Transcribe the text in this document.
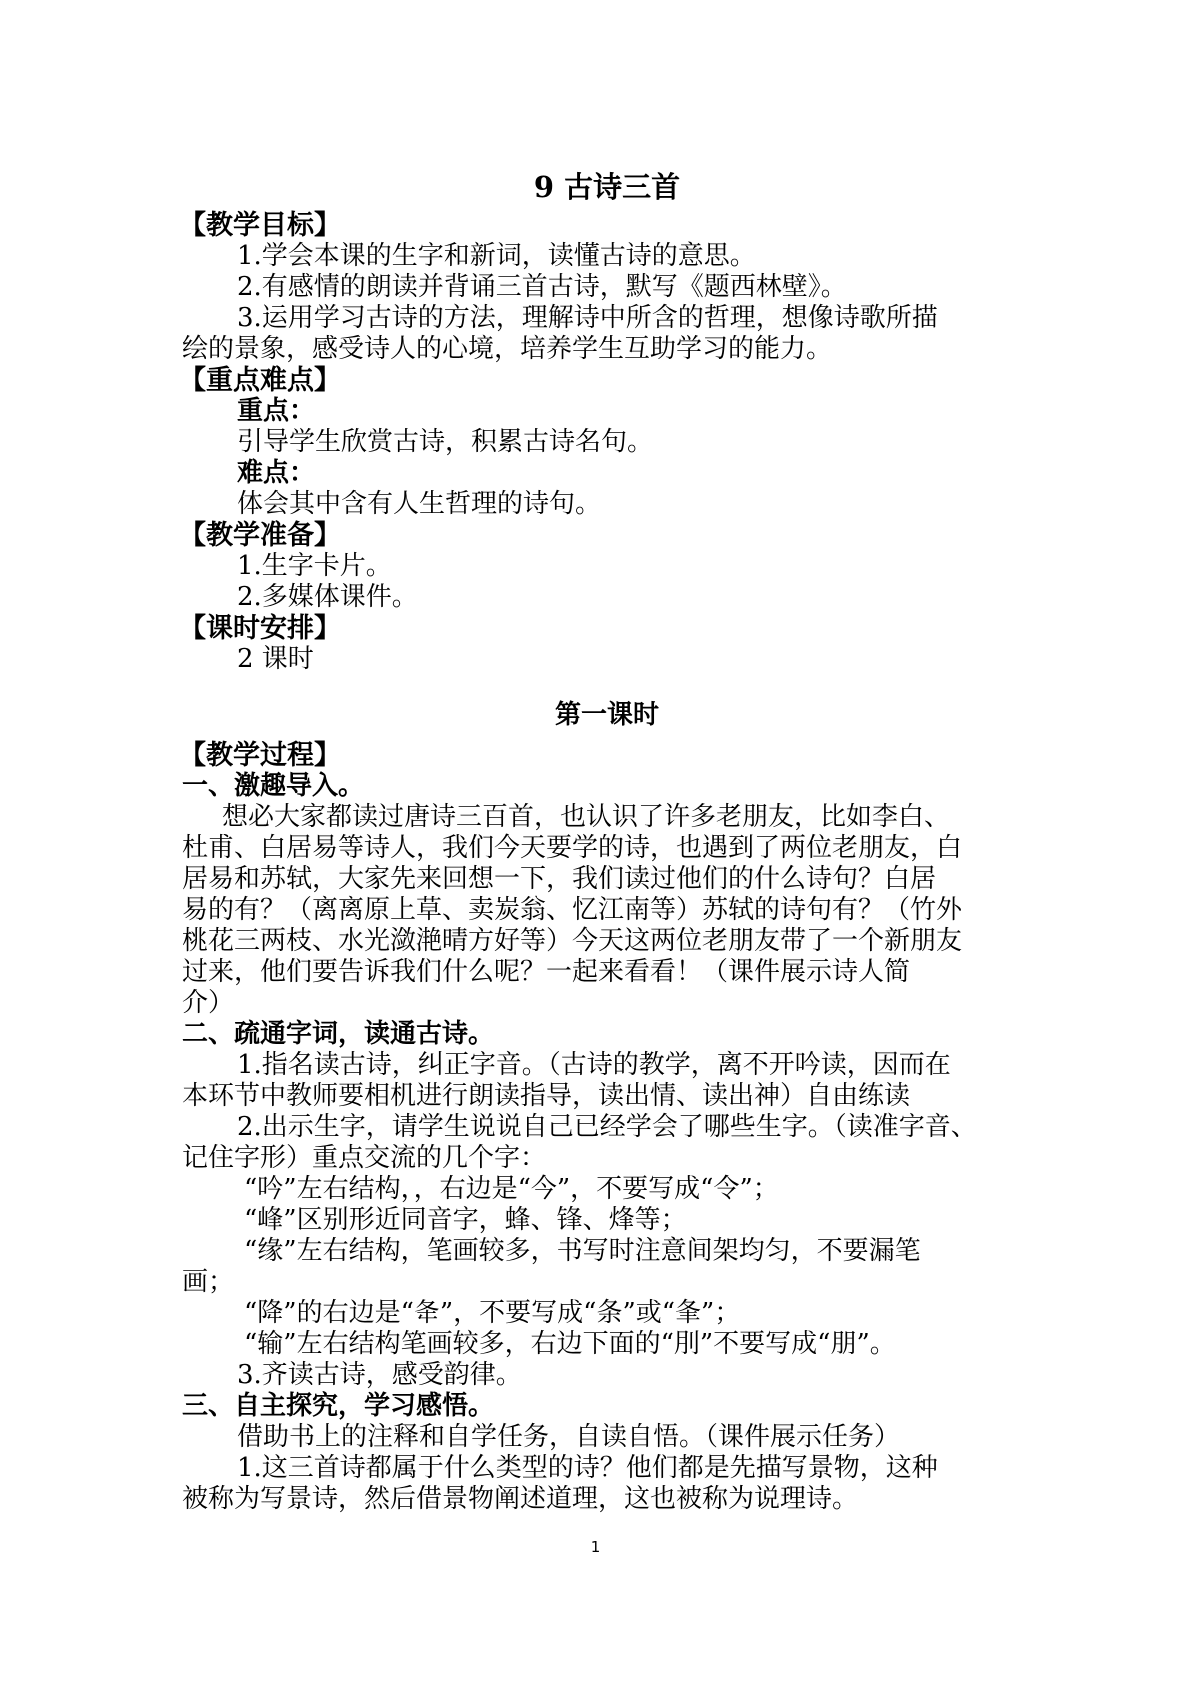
9 古诗三首
【教学目标】
1.学会本课的生字和新词，读懂古诗的意思。
2.有感情的朗读并背诵三首古诗，默写《题西林壁》。
3.运用学习古诗的方法，理解诗中所含的哲理，想像诗歌所描
绘的景象，感受诗人的心境，培养学生互助学习的能力。
【重点难点】
重点：
引导学生欣赏古诗，积累古诗名句。
难点：
体会其中含有人生哲理的诗句。
【教学准备】
1.生字卡片。
2.多媒体课件。
【课时安排】
2 课时
第一课时
【教学过程】
一、激趣导入。
想必大家都读过唐诗三百首，也认识了许多老朋友，比如李白、
杜甫、白居易等诗人，我们今天要学的诗，也遇到了两位老朋友，白
居易和苏轼，大家先来回想一下，我们读过他们的什么诗句？白居
易的有？（离离原上草、卖炭翁、忆江南等）苏轼的诗句有？（竹外
桃花三两枝、水光潋滟晴方好等）今天这两位老朋友带了一个新朋友
过来，他们要告诉我们什么呢？一起来看看！（课件展示诗人简
介）
二、疏通字词，读通古诗。
1.指名读古诗，纠正字音。（古诗的教学，离不开吟读，因而在
本环节中教师要相机进行朗读指导，读出情、读出神）自由练读
2.出示生字，请学生说说自己已经学会了哪些生字。（读准字音、
记住字形）重点交流的几个字：
“吟”左右结构，，右边是“今”，不要写成“令”；
“峰”区别形近同音字，蜂、锋、烽等；
“缘”左右结构，笔画较多，书写时注意间架均匀，不要漏笔
画；
“降”的右边是“夅”，不要写成“条”或“夆”；
“输”左右结构笔画较多，右边下面的“刖”不要写成“朋”。
3.齐读古诗，感受韵律。
三、自主探究，学习感悟。
借助书上的注释和自学任务，自读自悟。（课件展示任务）
1.这三首诗都属于什么类型的诗？他们都是先描写景物，这种
被称为写景诗，然后借景物阐述道理，这也被称为说理诗。
1
